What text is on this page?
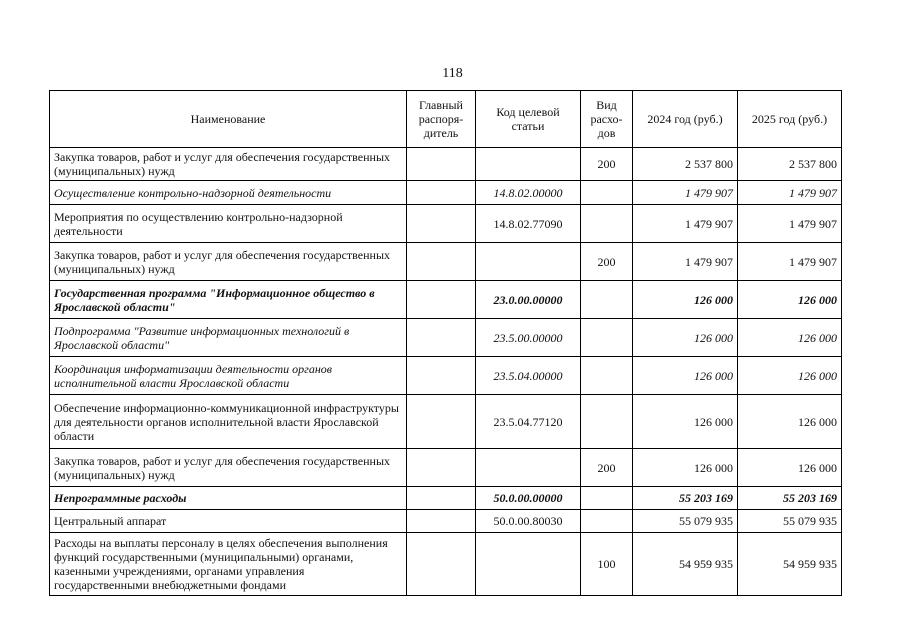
118
Наименование	Главный распоря-дитель	Код целевой статьи	Вид расхо-дов	2024 год (руб.)	2025 год (руб.)
Закупка товаров, работ и услуг для обеспечения государственных (муниципальных) нужд			200	2 537 800	2 537 800
Осуществление контрольно-надзорной деятельности		14.8.02.00000		1 479 907	1 479 907
Мероприятия по осуществлению контрольно-надзорной деятельности		14.8.02.77090		1 479 907	1 479 907
Закупка товаров, работ и услуг для обеспечения государственных (муниципальных) нужд			200	1 479 907	1 479 907
Государственная программа "Информационное общество в Ярославской области"		23.0.00.00000		126 000	126 000
Подпрограмма "Развитие информационных технологий в Ярославской области"		23.5.00.00000		126 000	126 000
Координация информатизации деятельности органов исполнительной власти Ярославской области		23.5.04.00000		126 000	126 000
Обеспечение информационно-коммуникационной инфраструктуры для деятельности органов исполнительной власти Ярославской области		23.5.04.77120		126 000	126 000
Закупка товаров, работ и услуг для обеспечения государственных (муниципальных) нужд			200	126 000	126 000
Непрограммные расходы		50.0.00.00000		55 203 169	55 203 169
Центральный аппарат		50.0.00.80030		55 079 935	55 079 935
Расходы на выплаты персоналу в целях обеспечения выполнения функций государственными (муниципальными) органами, казенными учреждениями, органами управления государственными внебюджетными фондами			100	54 959 935	54 959 935
